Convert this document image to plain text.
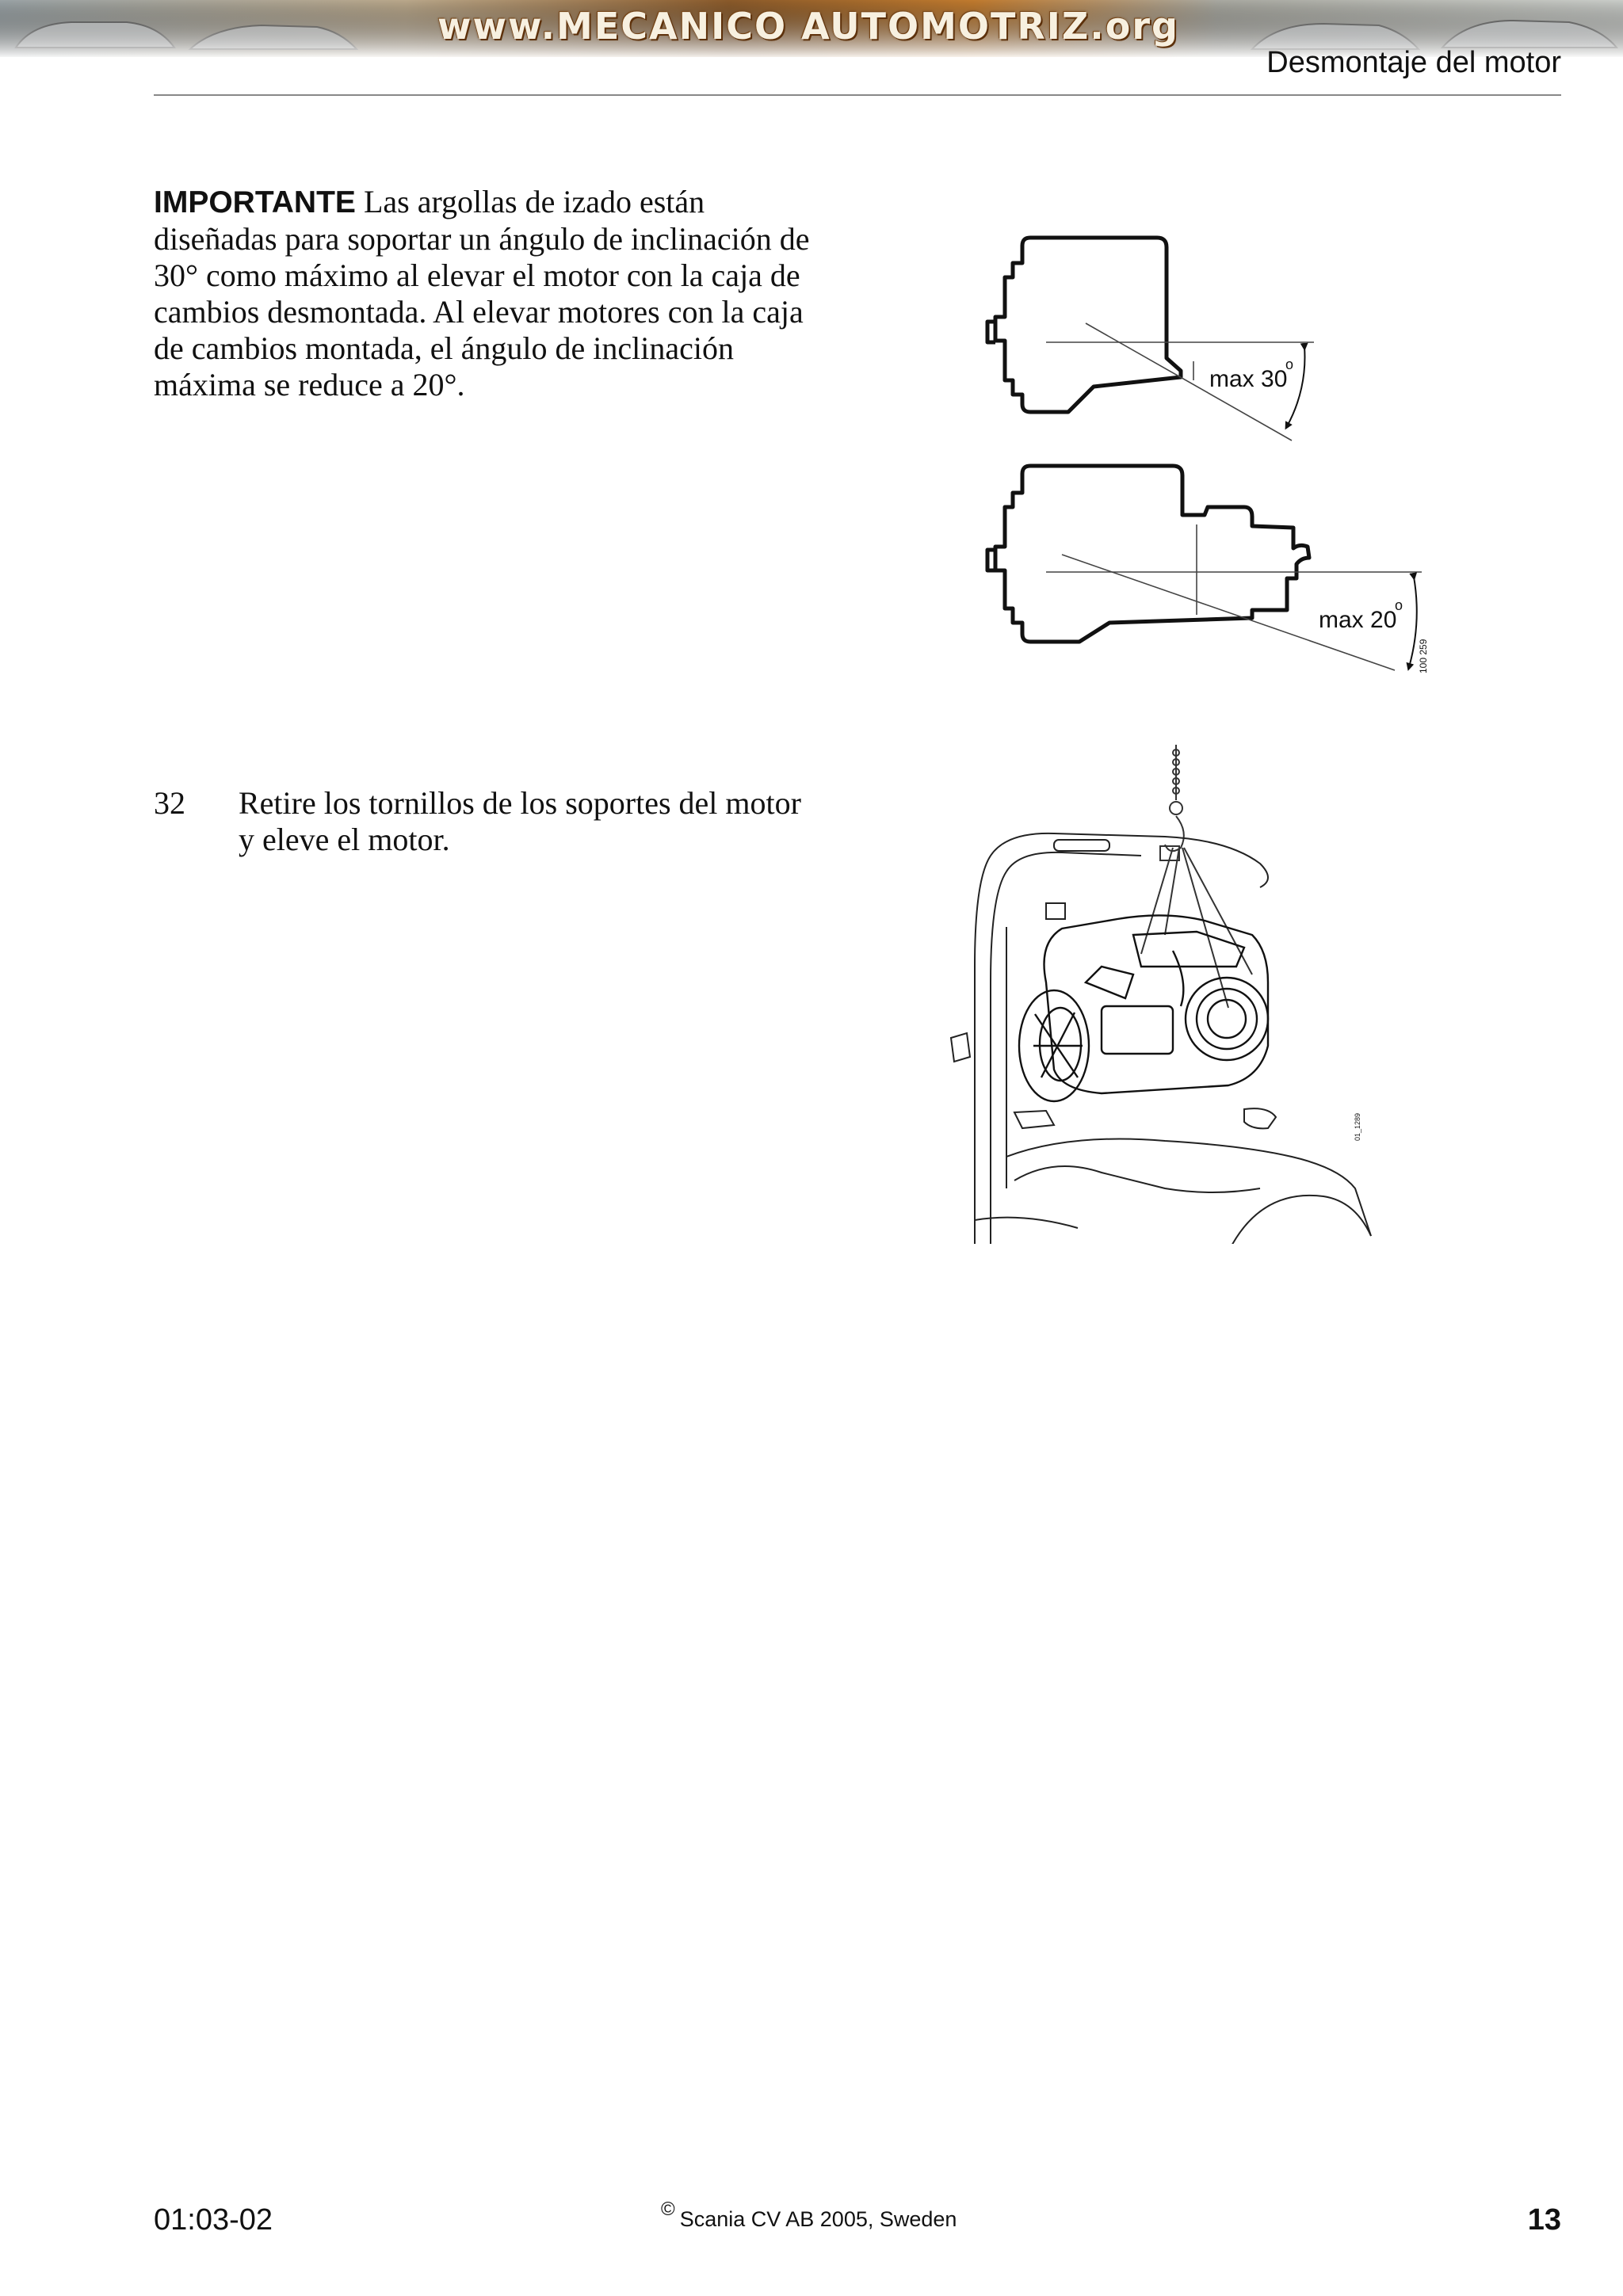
www.MECANICO AUTOMOTRIZ.org
Desmontaje del motor
IMPORTANTE Las argollas de izado están diseñadas para soportar un ángulo de inclinación de 30° como máximo al elevar el motor con la caja de cambios desmontada. Al elevar motores con la caja de cambios montada, el ángulo de inclinación máxima se reduce a 20°.	max 30
o
max 20
o
100 259
32 Retire los tornillos de los soportes del motor y eleve el motor.
01_1289
01:03-02	© Scania CV AB 2005, Sweden	13
